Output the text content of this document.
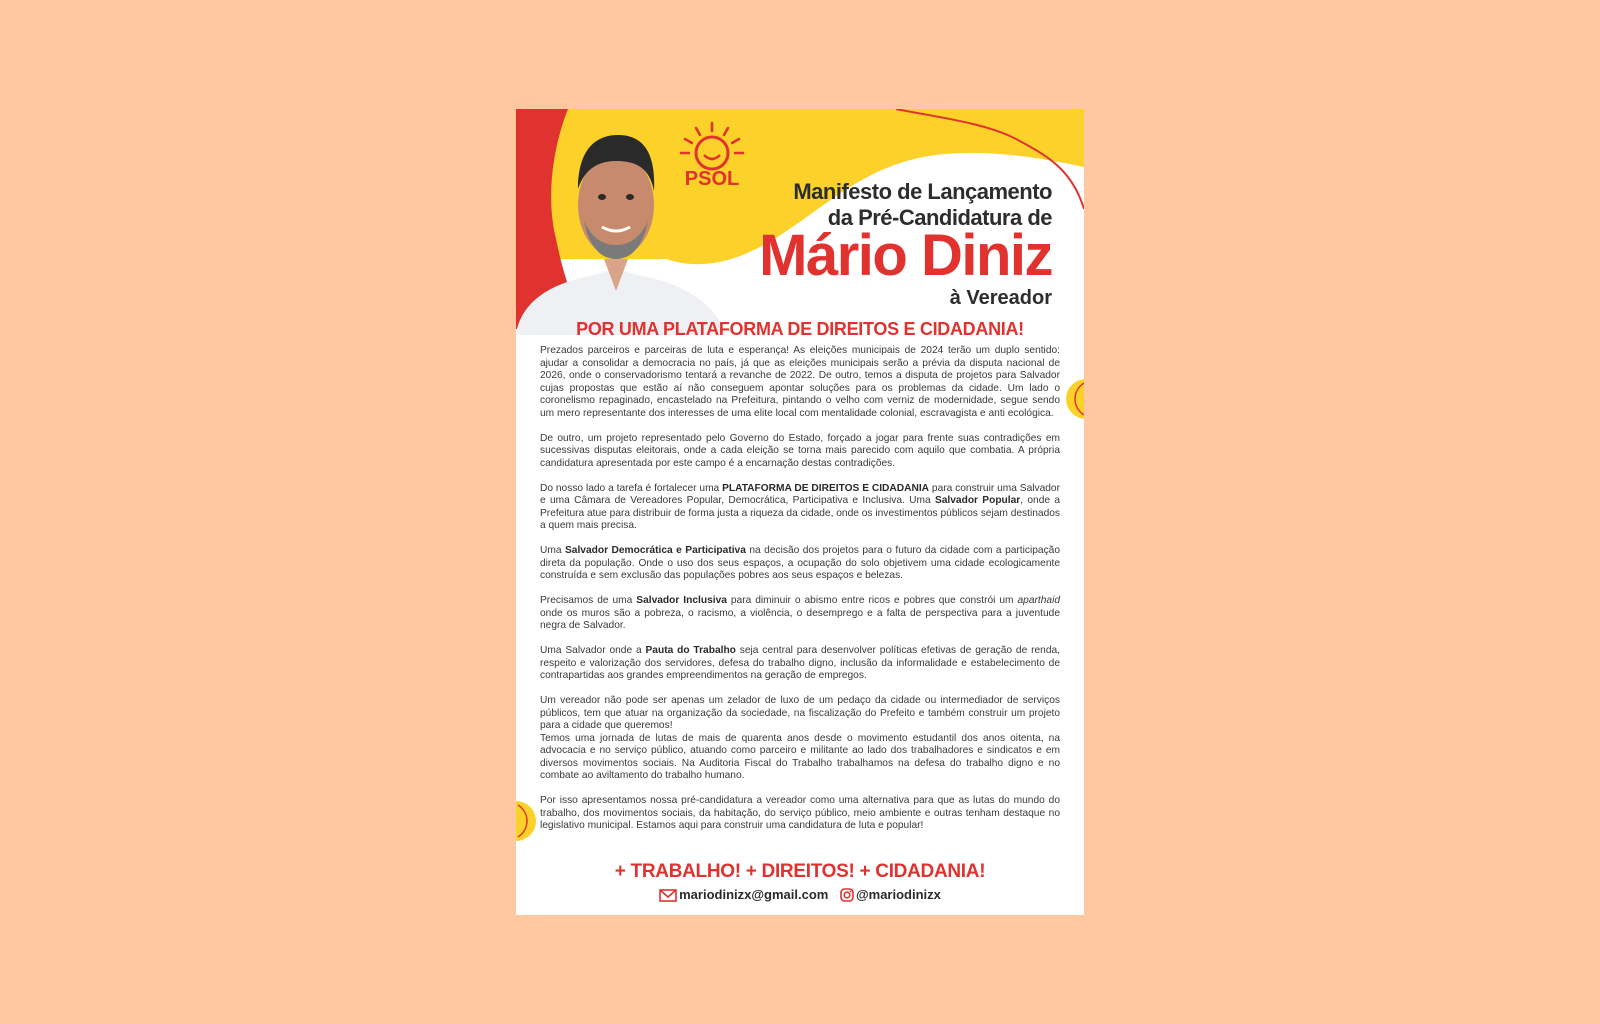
PSOL Manifesto de Lançamento
da Pré-Candidatura de
Mário Diniz
à Vereador
POR UMA PLATAFORMA DE DIREITOS E CIDADANIA!

Prezados parceiros e parceiras de luta e esperança! As eleições municipais de 2024 terão um duplo sentido: ajudar a consolidar a democracia no país, já que as eleições municipais serão a prévia da disputa nacional de 2026, onde o conservadorismo tentará a revanche de 2022. De outro, temos a disputa de projetos para Salvador cujas propostas que estão aí não conseguem apontar soluções para os problemas da cidade. Um lado o coronelismo repaginado, encastelado na Prefeitura, pintando o velho com verniz de modernidade, segue sendo um mero representante dos interesses de uma elite local com mentalidade colonial, escravagista e anti ecológica.

De outro, um projeto representado pelo Governo do Estado, forçado a jogar para frente suas contradições em sucessivas disputas eleitorais, onde a cada eleição se torna mais parecido com aquilo que combatia. A própria candidatura apresentada por este campo é a encarnação destas contradições.

Do nosso lado a tarefa é fortalecer uma PLATAFORMA DE DIREITOS E CIDADANIA para construir uma Salvador e uma Câmara de Vereadores Popular, Democrática, Participativa e Inclusiva. Uma Salvador Popular, onde a Prefeitura atue para distribuir de forma justa a riqueza da cidade, onde os investimentos públicos sejam destinados a quem mais precisa.

Uma Salvador Democrática e Participativa na decisão dos projetos para o futuro da cidade com a participação direta da população. Onde o uso dos seus espaços, a ocupação do solo objetivem uma cidade ecologicamente construída e sem exclusão das populações pobres aos seus espaços e belezas.

Precisamos de uma Salvador Inclusiva para diminuir o abismo entre ricos e pobres que constrói um aparthaid onde os muros são a pobreza, o racismo, a violência, o desemprego e a falta de perspectiva para a juventude negra de Salvador.

Uma Salvador onde a Pauta do Trabalho seja central para desenvolver políticas efetivas de geração de renda, respeito e valorização dos servidores, defesa do trabalho digno, inclusão da informalidade e estabelecimento de contrapartidas aos grandes empreendimentos na geração de empregos.

Um vereador não pode ser apenas um zelador de luxo de um pedaço da cidade ou intermediador de serviços públicos, tem que atuar na organização da sociedade, na fiscalização do Prefeito e também construir um projeto para a cidade que queremos!
Temos uma jornada de lutas de mais de quarenta anos desde o movimento estudantil dos anos oitenta, na advocacia e no serviço público, atuando como parceiro e militante ao lado dos trabalhadores e sindicatos e em diversos movimentos sociais. Na Auditoria Fiscal do Trabalho trabalhamos na defesa do trabalho digno e no combate ao aviltamento do trabalho humano.

Por isso apresentamos nossa pré-candidatura a vereador como uma alternativa para que as lutas do mundo do trabalho, dos movimentos sociais, da habitação, do serviço público, meio ambiente e outras tenham destaque no legislativo municipal. Estamos aqui para construir uma candidatura de luta e popular!

+ TRABALHO! + DIREITOS! + CIDADANIA!
mariodinizx@gmail.com @mariodinizx
